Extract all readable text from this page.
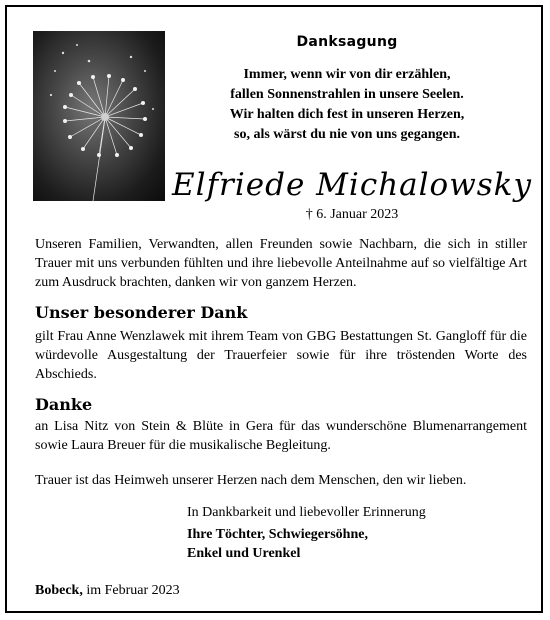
Danksagung
Immer, wenn wir von dir erzählen,
fallen Sonnenstrahlen in unsere Seelen.
Wir halten dich fest in unseren Herzen,
so, als wärst du nie von uns gegangen.
Elfriede Michalowsky
† 6. Januar 2023
Unseren Familien, Verwandten, allen Freunden sowie Nachbarn, die sich in stiller Trauer mit uns verbunden fühlten und ihre liebevolle Anteilnahme auf so vielfältige Art zum Ausdruck brachten, danken wir von ganzem Herzen.
Unser besonderer Dank
gilt Frau Anne Wenzlawek mit ihrem Team von GBG Bestattungen St. Gangloff für die würdevolle Ausgestaltung der Trauerfeier sowie für ihre tröstenden Worte des Abschieds.
Danke
an Lisa Nitz von Stein & Blüte in Gera für das wunderschöne Blumenarrangement sowie Laura Breuer für die musikalische Begleitung.
Trauer ist das Heimweh unserer Herzen nach dem Menschen, den wir lieben.
In Dankbarkeit und liebevoller Erinnerung
Ihre Töchter, Schwiegersöhne,
Enkel und Urenkel
Bobeck, im Februar 2023
